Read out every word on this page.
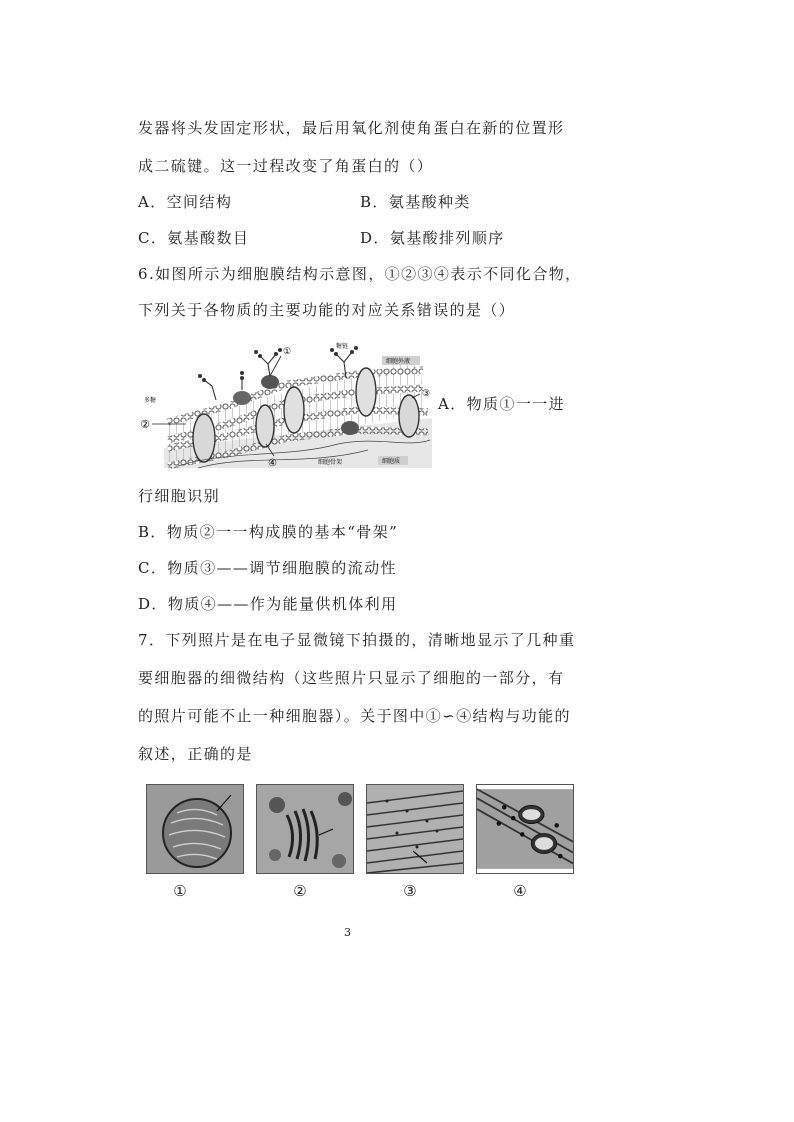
发器将头发固定形状，最后用氧化剂使角蛋白在新的位置形
成二硫键。这一过程改变了角蛋白的（）
A．空间结构	B．氨基酸种类
C．氨基酸数目	D．氨基酸排列顺序
6.如图所示为细胞膜结构示意图，①②③④表示不同化合物，
下列关于各物质的主要功能的对应关系错误的是（）
②
①
③
④
糖链
多糖
细胞外液
细胞骨架	细胞质
A．物质①一一进
行细胞识别
B．物质②一一构成膜的基本“骨架”
C．物质③——调节细胞膜的流动性
D．物质④——作为能量供机体利用
7．下列照片是在电子显微镜下拍摄的，清晰地显示了几种重
要细胞器的细微结构（这些照片只显示了细胞的一部分，有
的照片可能不止一种细胞器）。关于图中①∽④结构与功能的
叙述，正确的是
①	②	③	④
3
